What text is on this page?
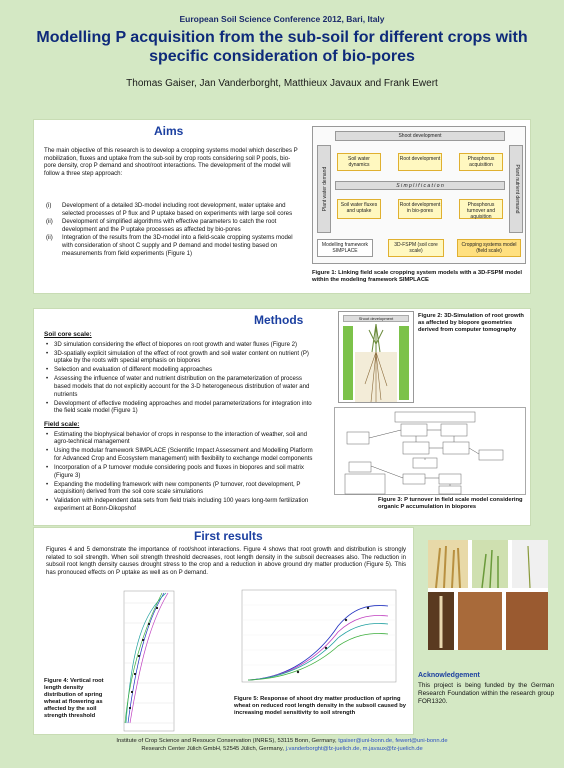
European Soil Science Conference 2012, Bari, Italy
Modelling P acquisition from the sub-soil for different crops with specific consideration of bio-pores
Thomas Gaiser, Jan Vanderborght, Matthieux Javaux and Frank Ewert
Aims
The main objective of this research is to develop a cropping systems model which describes P mobilization, fluxes and uptake from the sub-soil by crop roots considering soil P pools, bio-pore density, crop P demand and shoot/root interactions. The development of the model will follow a three step approach:
(i)	Development of a detailed 3D-model including root development, water uptake and selected processes of P flux and P uptake based on experiments with large soil cores
(ii)	Development of simplified algorithms with effective parameters to catch the root development and the P uptake processes as affected by bio-pores
(ii)	Integration of the results from the 3D-model into a field-scale cropping systems model with consideration of shoot C supply and P demand and model testing based on measurements from field experiments (Figure 1)
Shoot development
Plant water demand	Plant nutrient demand
Soil water dynamics
Root development	Phosphorus acquisition
S i m p l i f i c a t i o n
Soil water fluxes and uptake
Root development in bio-pores
Phosphorus turnover and aquisition
Modelling framework SIMPLACE
3D-FSPM (soil core scale)
Cropping systems model (field scale)
Figure 1: Linking field scale cropping system models with a 3D-FSPM model within the modeling framework SIMPLACE
Methods
Soil core scale:
• 3D simulation considering the effect of biopores on root growth and water fluxes (Figure 2)
• 3D-spatially explicit simulation of the effect of root growth and soil water content on nutrient (P) uptake by the roots with special emphasis on biopores
• Selection and evaluation of different modelling approaches
• Assessing the influence of water and nutrient distribution on the parameterization of process based models that do not explicitly account for the 3-D heterogeneous distribution of water and nutrients
• Development of effective modeling approaches and model parameterizations for integration into the field scale model (Figure 1)
Field scale:
• Estimating the biophysical behavior of crops in response to the interaction of weather, soil and agro-technical management
• Using the modular framework SIMPLACE (Scientific Impact Assessment and Modelling Platform for Advanced Crop and Ecosystem management) with flexibility to exchange model components
• Incorporation of a P turnover module considering pools and fluxes in biopores and soil matrix (Figure 3)
• Expanding the modelling framework with new components (P turnover, root development, P acquisition) derived from the soil core scale simulations
• Validation with independent data sets from field trials including 100 years long-term fertilization experiment at Bonn-Dikopshof
Shoot development	Figure 2: 3D-Simulation of root growth as affected by biopore geometries derived from computer tomography
Figure 3: P turnover in field scale model considering organic P accumulation in biopores
First results
Figures 4 and 5 demonstrate the importance of root/shoot interactions. Figure 4 shows that root growth and distribution is strongly related to soil strength. When soil strength threshold decreases, root length density in the subsoil decreases also. The reduction in subsoil root length density causes drought stress to the crop and a reduction in above ground dry matter production (Figure 5). This has pronouced effects on P uptake as well as on P demand.
Figure 4: Vertical root length density distribution of spring wheat at flowering as affected by the soil strength threshold
Figure 5: Response of shoot dry matter production of spring wheat on reduced root length density in the subsoil caused by increasing model sensitivity to soil strength
Acknowledgement
This project is being funded by the German Research Foundation within the research group FOR1320.
Institute of Crop Science and Resouce Conservation (INRES), 53115 Bonn, Germany, tgaiser@uni-bonn.de, fewert@uni-bonn.de
Research Center Jülich GmbH, 52545 Jülich, Germany, j.vanderborght@fz-juelich.de, m.javaux@fz-juelich.de
